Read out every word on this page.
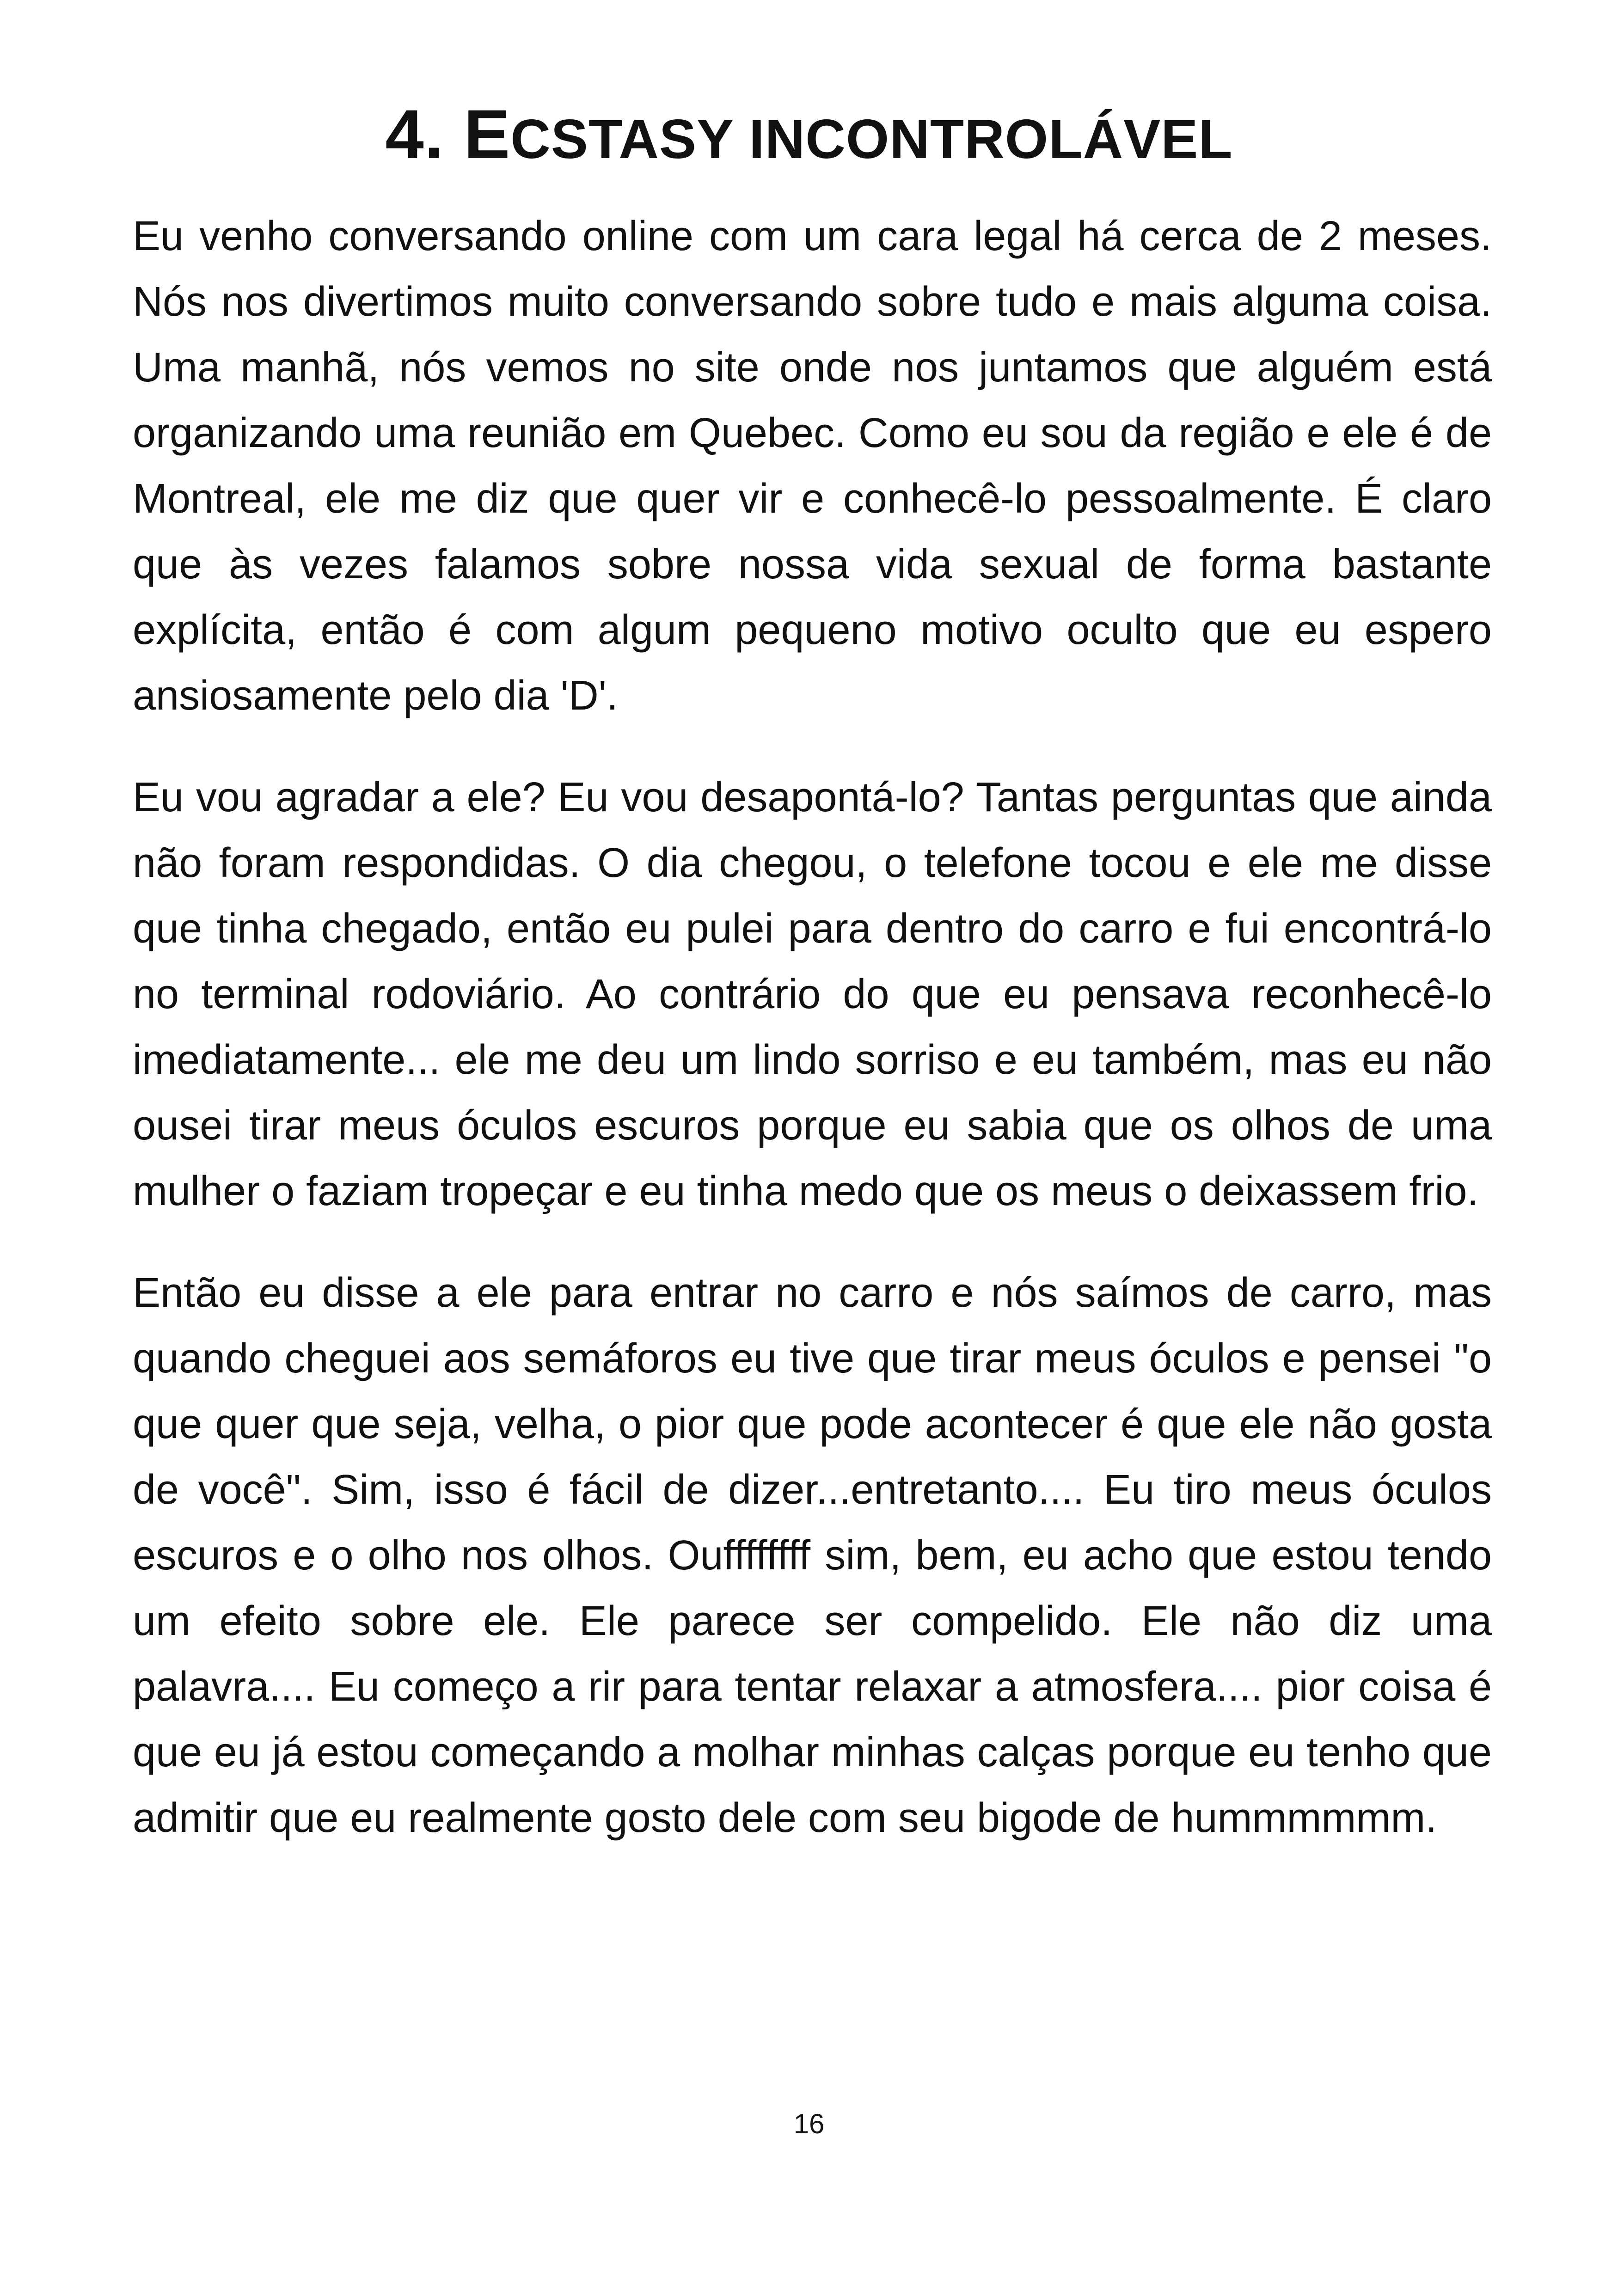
4. ECSTASY INCONTROLÁVEL

Eu venho conversando online com um cara legal há cerca de 2 meses. Nós nos divertimos muito conversando sobre tudo e mais alguma coisa. Uma manhã, nós vemos no site onde nos juntamos que alguém está organizando uma reunião em Quebec. Como eu sou da região e ele é de Montreal, ele me diz que quer vir e conhecê-lo pessoalmente. É claro que às vezes falamos sobre nossa vida sexual de forma bastante explícita, então é com algum pequeno motivo oculto que eu espero ansiosamente pelo dia 'D'.

Eu vou agradar a ele? Eu vou desapontá-lo? Tantas perguntas que ainda não foram respondidas. O dia chegou, o telefone tocou e ele me disse que tinha chegado, então eu pulei para dentro do carro e fui encontrá-lo no terminal rodoviário. Ao contrário do que eu pensava reconhecê-lo imediatamente... ele me deu um lindo sorriso e eu também, mas eu não ousei tirar meus óculos escuros porque eu sabia que os olhos de uma mulher o faziam tropeçar e eu tinha medo que os meus o deixassem frio.

Então eu disse a ele para entrar no carro e nós saímos de carro, mas quando cheguei aos semáforos eu tive que tirar meus óculos e pensei "o que quer que seja, velha, o pior que pode acontecer é que ele não gosta de você". Sim, isso é fácil de dizer...entretanto.... Eu tiro meus óculos escuros e o olho nos olhos. Ouffffffff sim, bem, eu acho que estou tendo um efeito sobre ele. Ele parece ser compelido. Ele não diz uma palavra.... Eu começo a rir para tentar relaxar a atmosfera.... pior coisa é que eu já estou começando a molhar minhas calças porque eu tenho que admitir que eu realmente gosto dele com seu bigode de hummmmmm.

16
